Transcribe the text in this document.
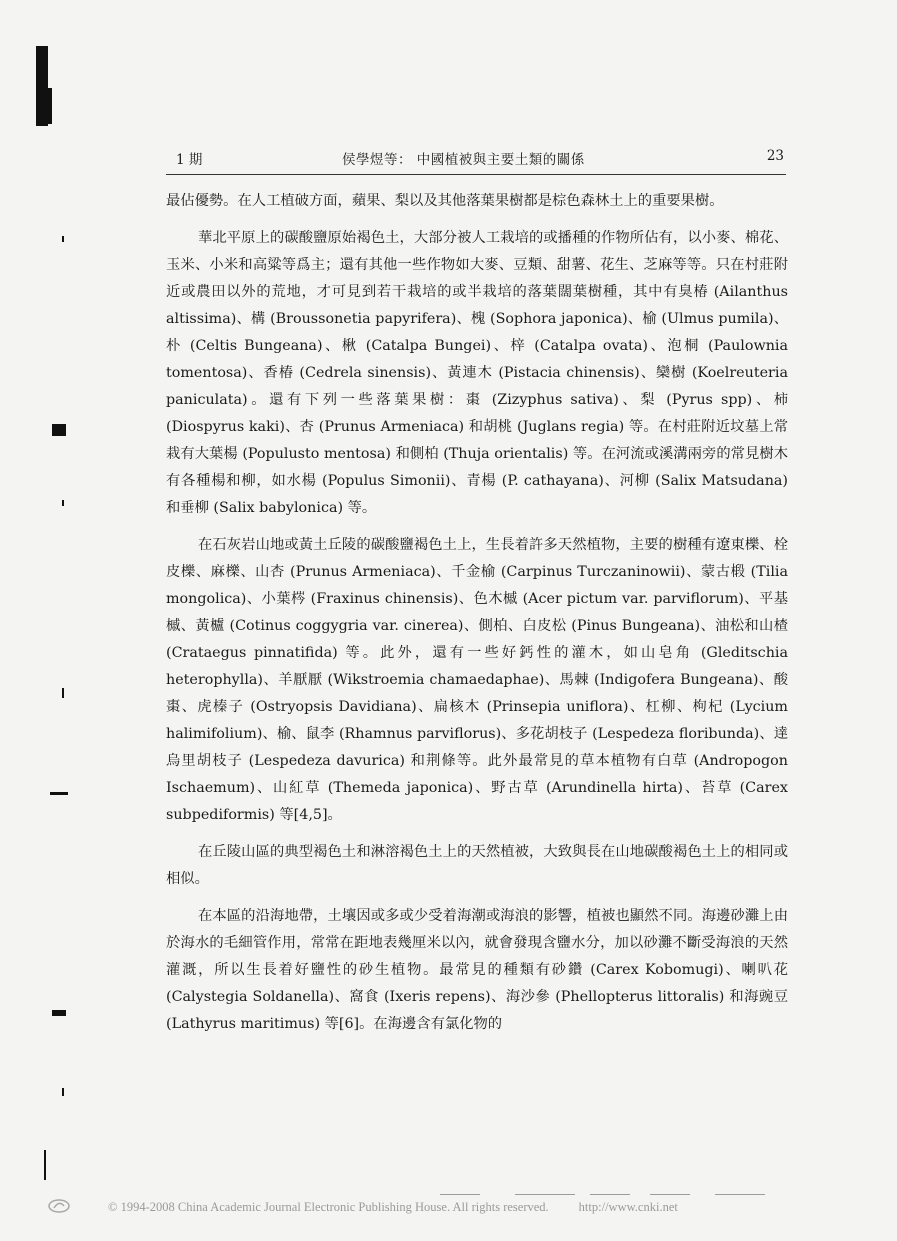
1 期	侯學煜等： 中國植被與主要土類的關係	23

最佔優勢。在人工植破方面，蘋果、梨以及其他落葉果樹都是棕色森林土上的重要果樹。

華北平原上的碳酸鹽原始褐色土，大部分被人工栽培的或播種的作物所佔有，以小麥、棉花、玉米、小米和高粱等爲主；還有其他一些作物如大麥、豆類、甜薯、花生、芝麻等等。只在村莊附近或農田以外的荒地，才可見到若干栽培的或半栽培的落葉闊葉樹種，其中有臭椿 (Ailanthus altissima)、構 (Broussonetia papyrifera)、槐 (Sophora japonica)、榆 (Ulmus pumila)、朴 (Celtis Bungeana)、楸 (Catalpa Bungei)、梓 (Catalpa ovata)、泡桐 (Paulownia tomentosa)、香椿 (Cedrela sinensis)、黃連木 (Pistacia chinensis)、欒樹 (Koelreuteria paniculata)。還有下列一些落葉果樹：棗 (Zizyphus sativa)、梨 (Pyrus spp)、柿 (Diospyrus kaki)、杏 (Prunus Armeniaca) 和胡桃 (Juglans regia) 等。在村莊附近坟墓上常栽有大葉楊 (Populusto mentosa) 和側柏 (Thuja orientalis) 等。在河流或溪溝兩旁的常見樹木有各種楊和柳，如水楊 (Populus Simonii)、青楊 (P. cathayana)、河柳 (Salix Matsudana) 和垂柳 (Salix babylonica) 等。

在石灰岩山地或黃土丘陵的碳酸鹽褐色土上，生長着許多天然植物，主要的樹種有遼東櫟、栓皮櫟、麻櫟、山杏 (Prunus Armeniaca)、千金榆 (Carpinus Turczaninowii)、蒙古椴 (Tilia mongolica)、小葉梣 (Fraxinus chinensis)、色木槭 (Acer pictum var. parviflorum)、平基槭、黃櫨 (Cotinus coggygria var. cinerea)、側柏、白皮松 (Pinus Bungeana)、油松和山楂 (Crataegus pinnatifida) 等。此外，還有一些好鈣性的灌木，如山皂角 (Gleditschia heterophylla)、羊厭厭 (Wikstroemia chamaedaphae)、馬棘 (Indigofera Bungeana)、酸棗、虎榛子 (Ostryopsis Davidiana)、扁核木 (Prinsepia uniflora)、杠柳、枸杞 (Lycium halimifolium)、榆、鼠李 (Rhamnus parviflorus)、多花胡枝子 (Lespedeza floribunda)、達烏里胡枝子 (Lespedeza davurica) 和荆條等。此外最常見的草本植物有白草 (Andropogon Ischaemum)、山紅草 (Themeda japonica)、野古草 (Arundinella hirta)、苔草 (Carex subpediformis) 等[4,5]。

在丘陵山區的典型褐色土和淋溶褐色土上的天然植被，大致與長在山地碳酸褐色土上的相同或相似。

在本區的沿海地帶，土壤因或多或少受着海潮或海浪的影響，植被也顯然不同。海邊砂灘上由於海水的毛細管作用，常常在距地表幾厘米以內，就會發現含鹽水分，加以砂灘不斷受海浪的天然灌溉，所以生長着好鹽性的砂生植物。最常見的種類有砂鑽 (Carex Kobomugi)、喇叭花 (Calystegia Soldanella)、窩食 (Ixeris repens)、海沙參 (Phellopterus littoralis) 和海豌豆 (Lathyrus maritimus) 等[6]。在海邊含有氯化物的

© 1994-2008 China Academic Journal Electronic Publishing House. All rights reserved. http://www.cnki.net
